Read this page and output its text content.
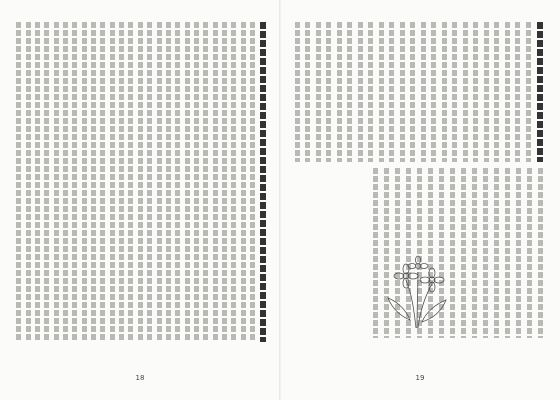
18	19
